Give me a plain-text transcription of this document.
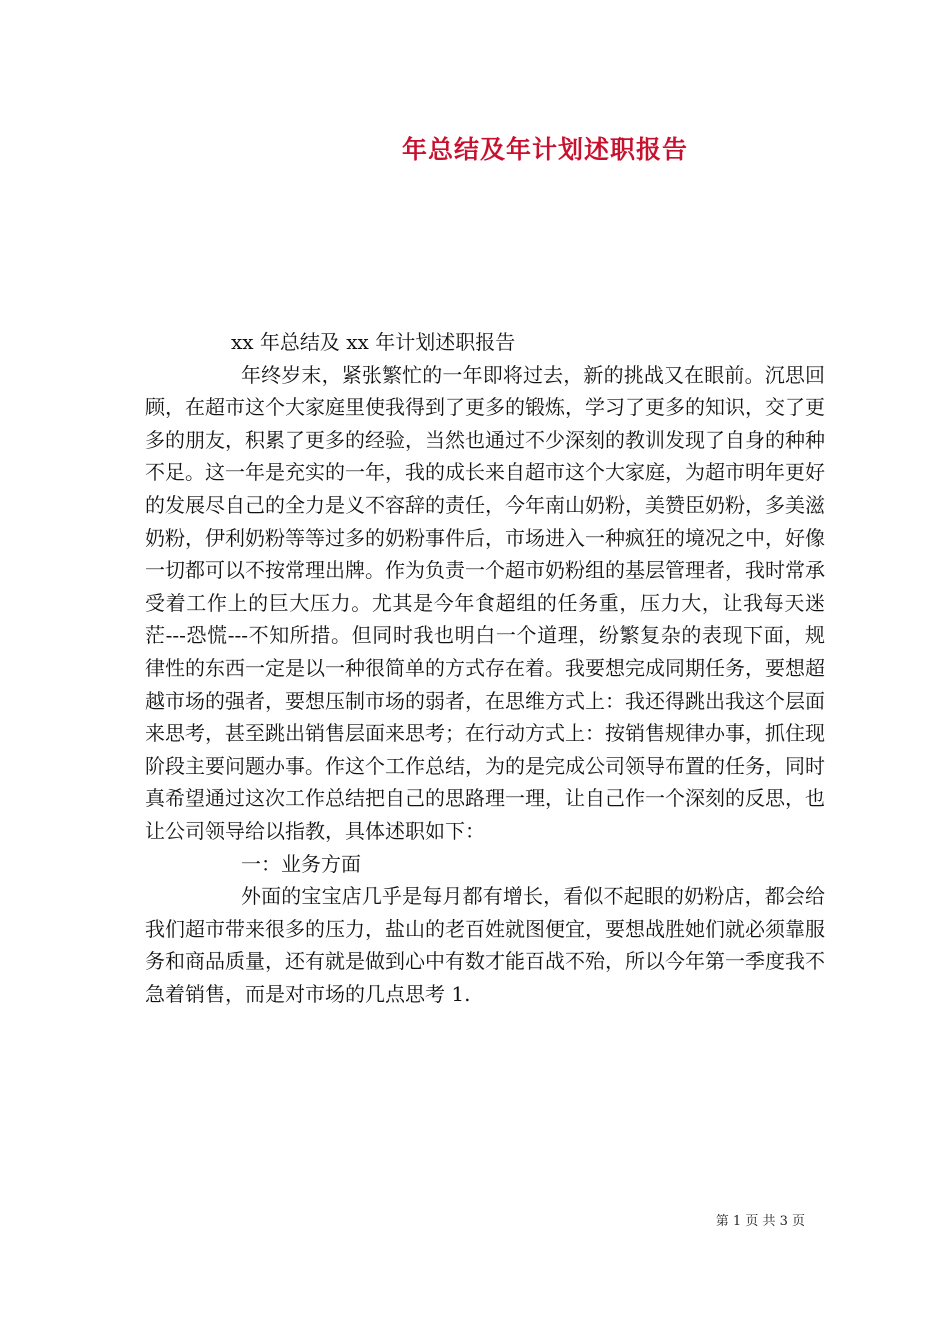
年总结及年计划述职报告

xx 年总结及 xx 年计划述职报告

年终岁末，紧张繁忙的一年即将过去，新的挑战又在眼前。沉思回顾，在超市这个大家庭里使我得到了更多的锻炼，学习了更多的知识，交了更多的朋友，积累了更多的经验，当然也通过不少深刻的教训发现了自身的种种不足。这一年是充实的一年，我的成长来自超市这个大家庭，为超市明年更好的发展尽自己的全力是义不容辞的责任，今年南山奶粉，美赞臣奶粉，多美滋奶粉，伊利奶粉等等过多的奶粉事件后，市场进入一种疯狂的境况之中，好像一切都可以不按常理出牌。作为负责一个超市奶粉组的基层管理者，我时常承受着工作上的巨大压力。尤其是今年食超组的任务重，压力大，让我每天迷茫---恐慌---不知所措。但同时我也明白一个道理，纷繁复杂的表现下面，规律性的东西一定是以一种很简单的方式存在着。我要想完成同期任务，要想超越市场的强者，要想压制市场的弱者，在思维方式上：我还得跳出我这个层面来思考，甚至跳出销售层面来思考；在行动方式上：按销售规律办事，抓住现阶段主要问题办事。作这个工作总结，为的是完成公司领导布置的任务，同时真希望通过这次工作总结把自己的思路理一理，让自己作一个深刻的反思，也让公司领导给以指教，具体述职如下：

一：业务方面

外面的宝宝店几乎是每月都有增长，看似不起眼的奶粉店，都会给我们超市带来很多的压力，盐山的老百姓就图便宜，要想战胜她们就必须靠服务和商品质量，还有就是做到心中有数才能百战不殆，所以今年第一季度我不急着销售，而是对市场的几点思考 1.

第 1 页 共 3 页
